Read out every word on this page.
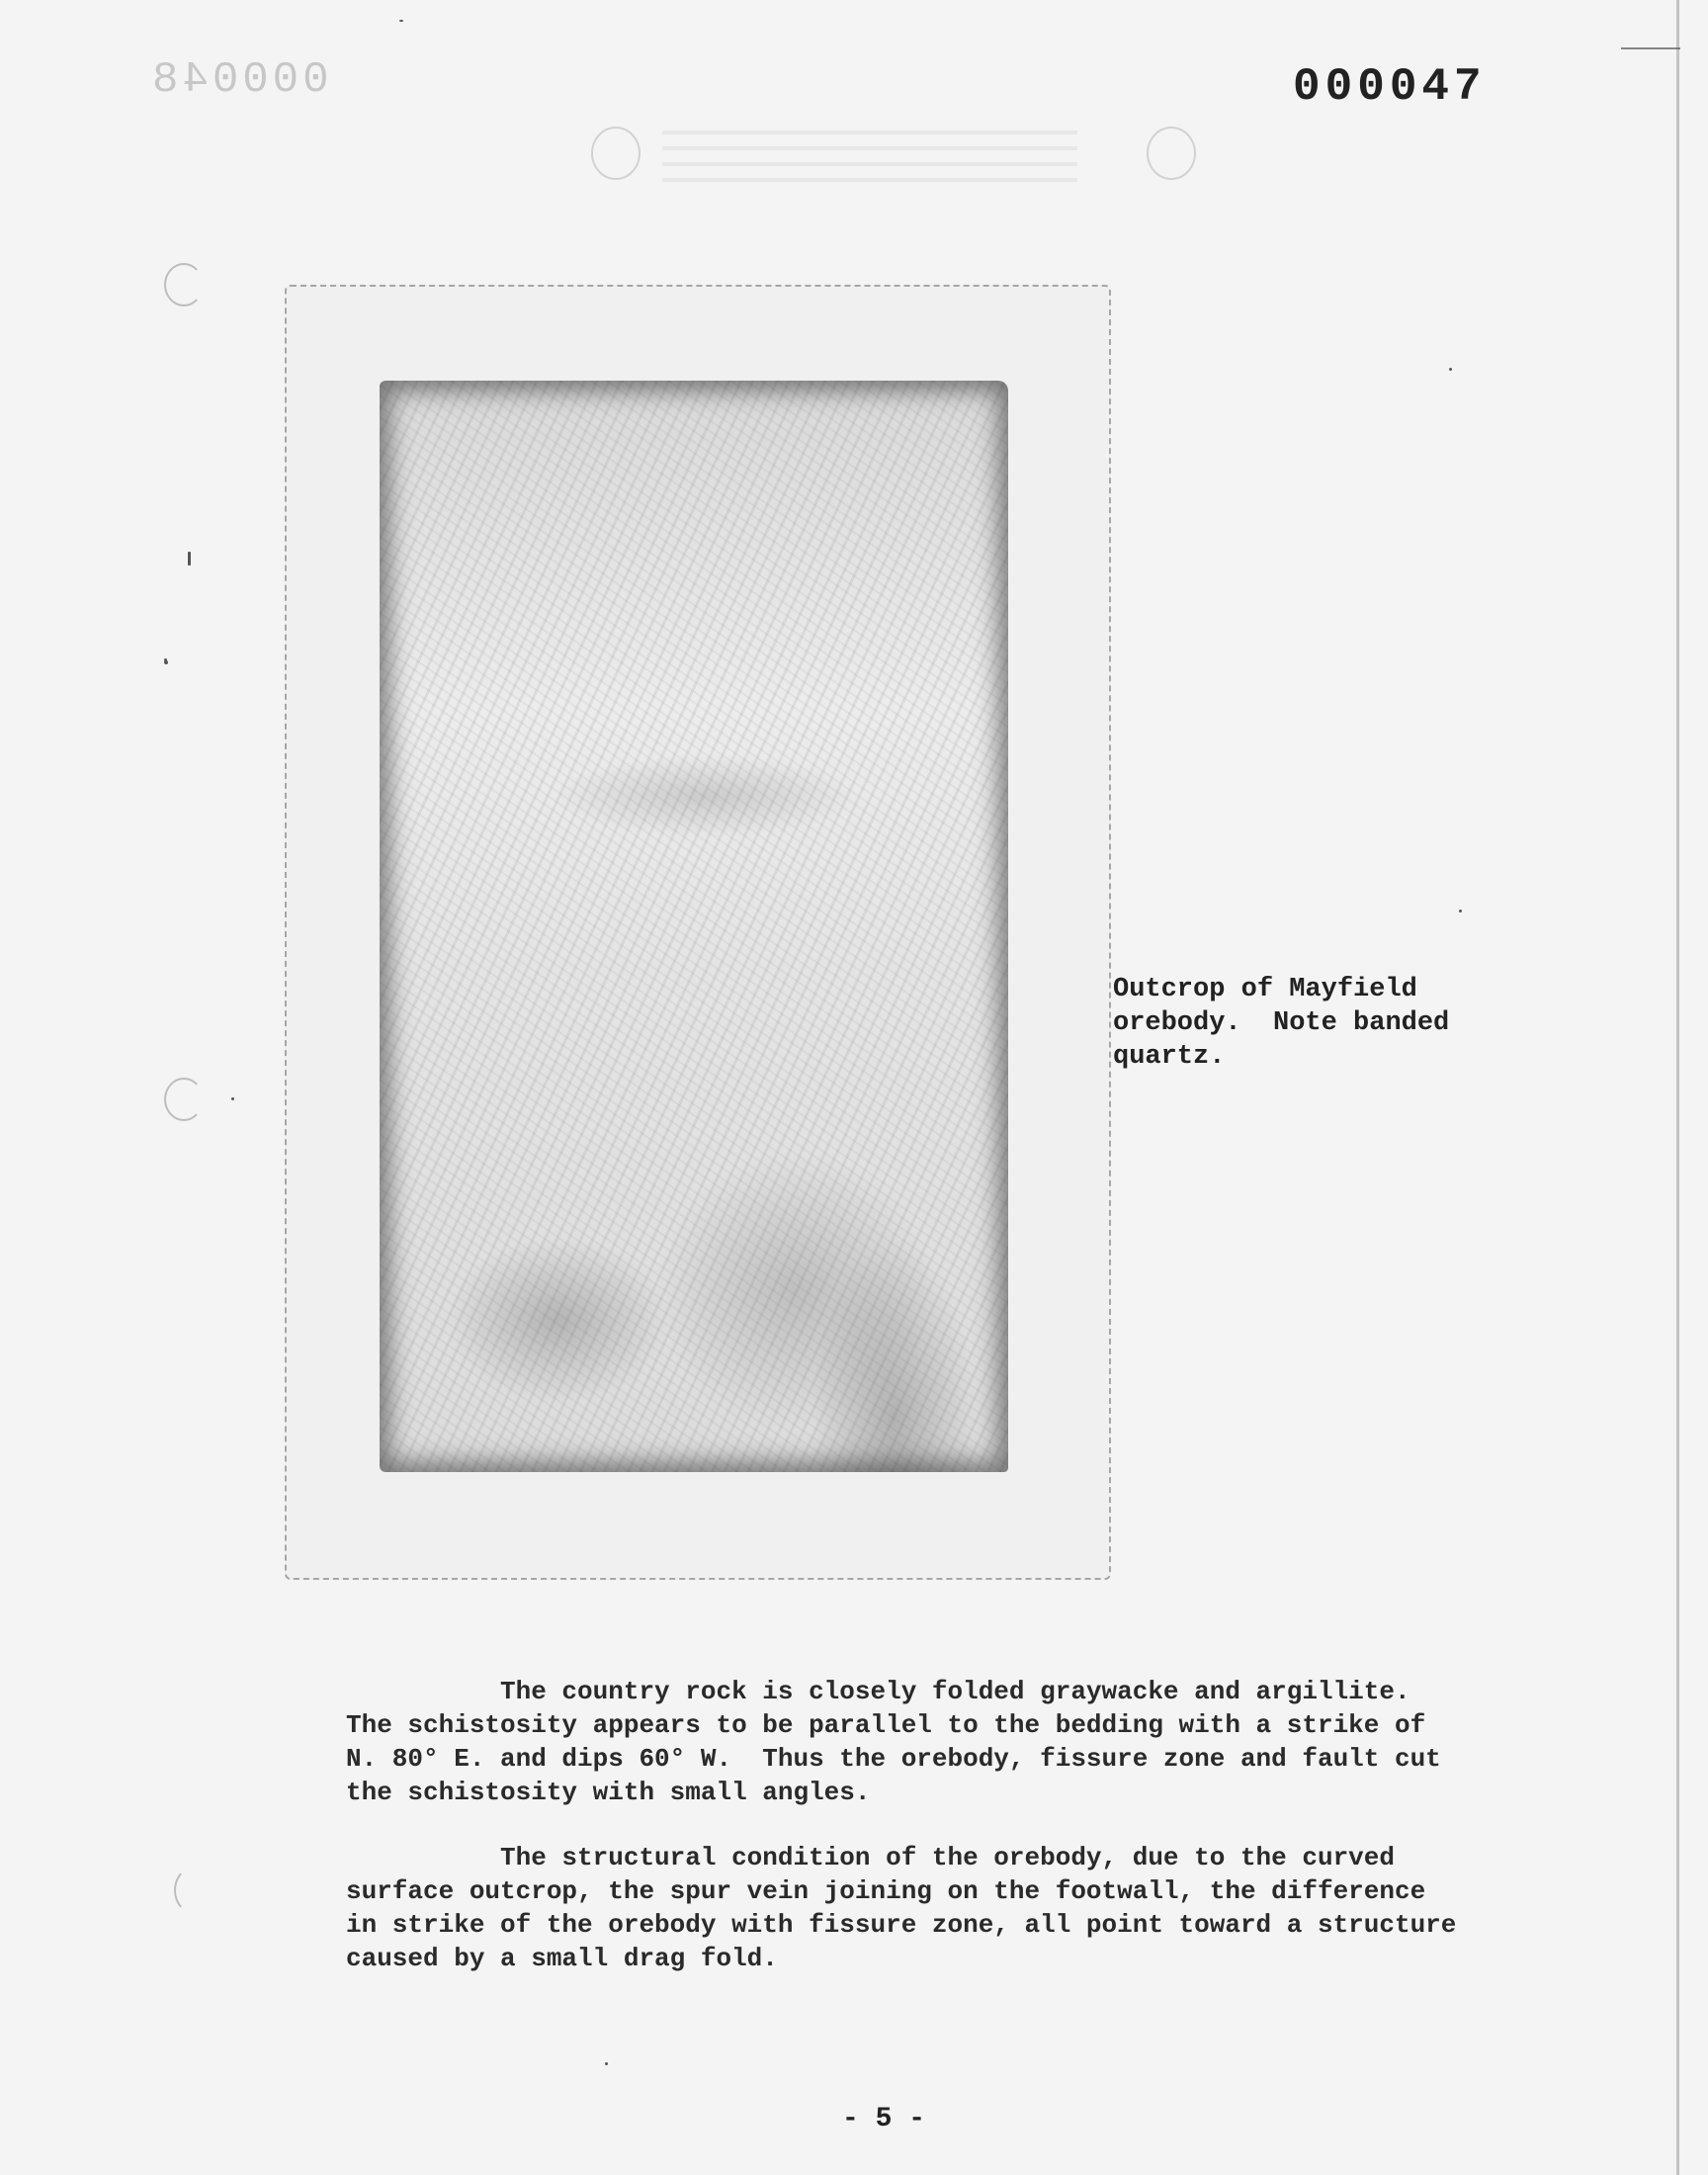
000048	000047
Outcrop of Mayfield
orebody.  Note banded
quartz.
The country rock is closely folded graywacke and argillite.
The schistosity appears to be parallel to the bedding with a strike of
N. 80° E. and dips 60° W.  Thus the orebody, fissure zone and fault cut
the schistosity with small angles.
The structural condition of the orebody, due to the curved
surface outcrop, the spur vein joining on the footwall, the difference
in strike of the orebody with fissure zone, all point toward a structure
caused by a small drag fold.
- 5 -
